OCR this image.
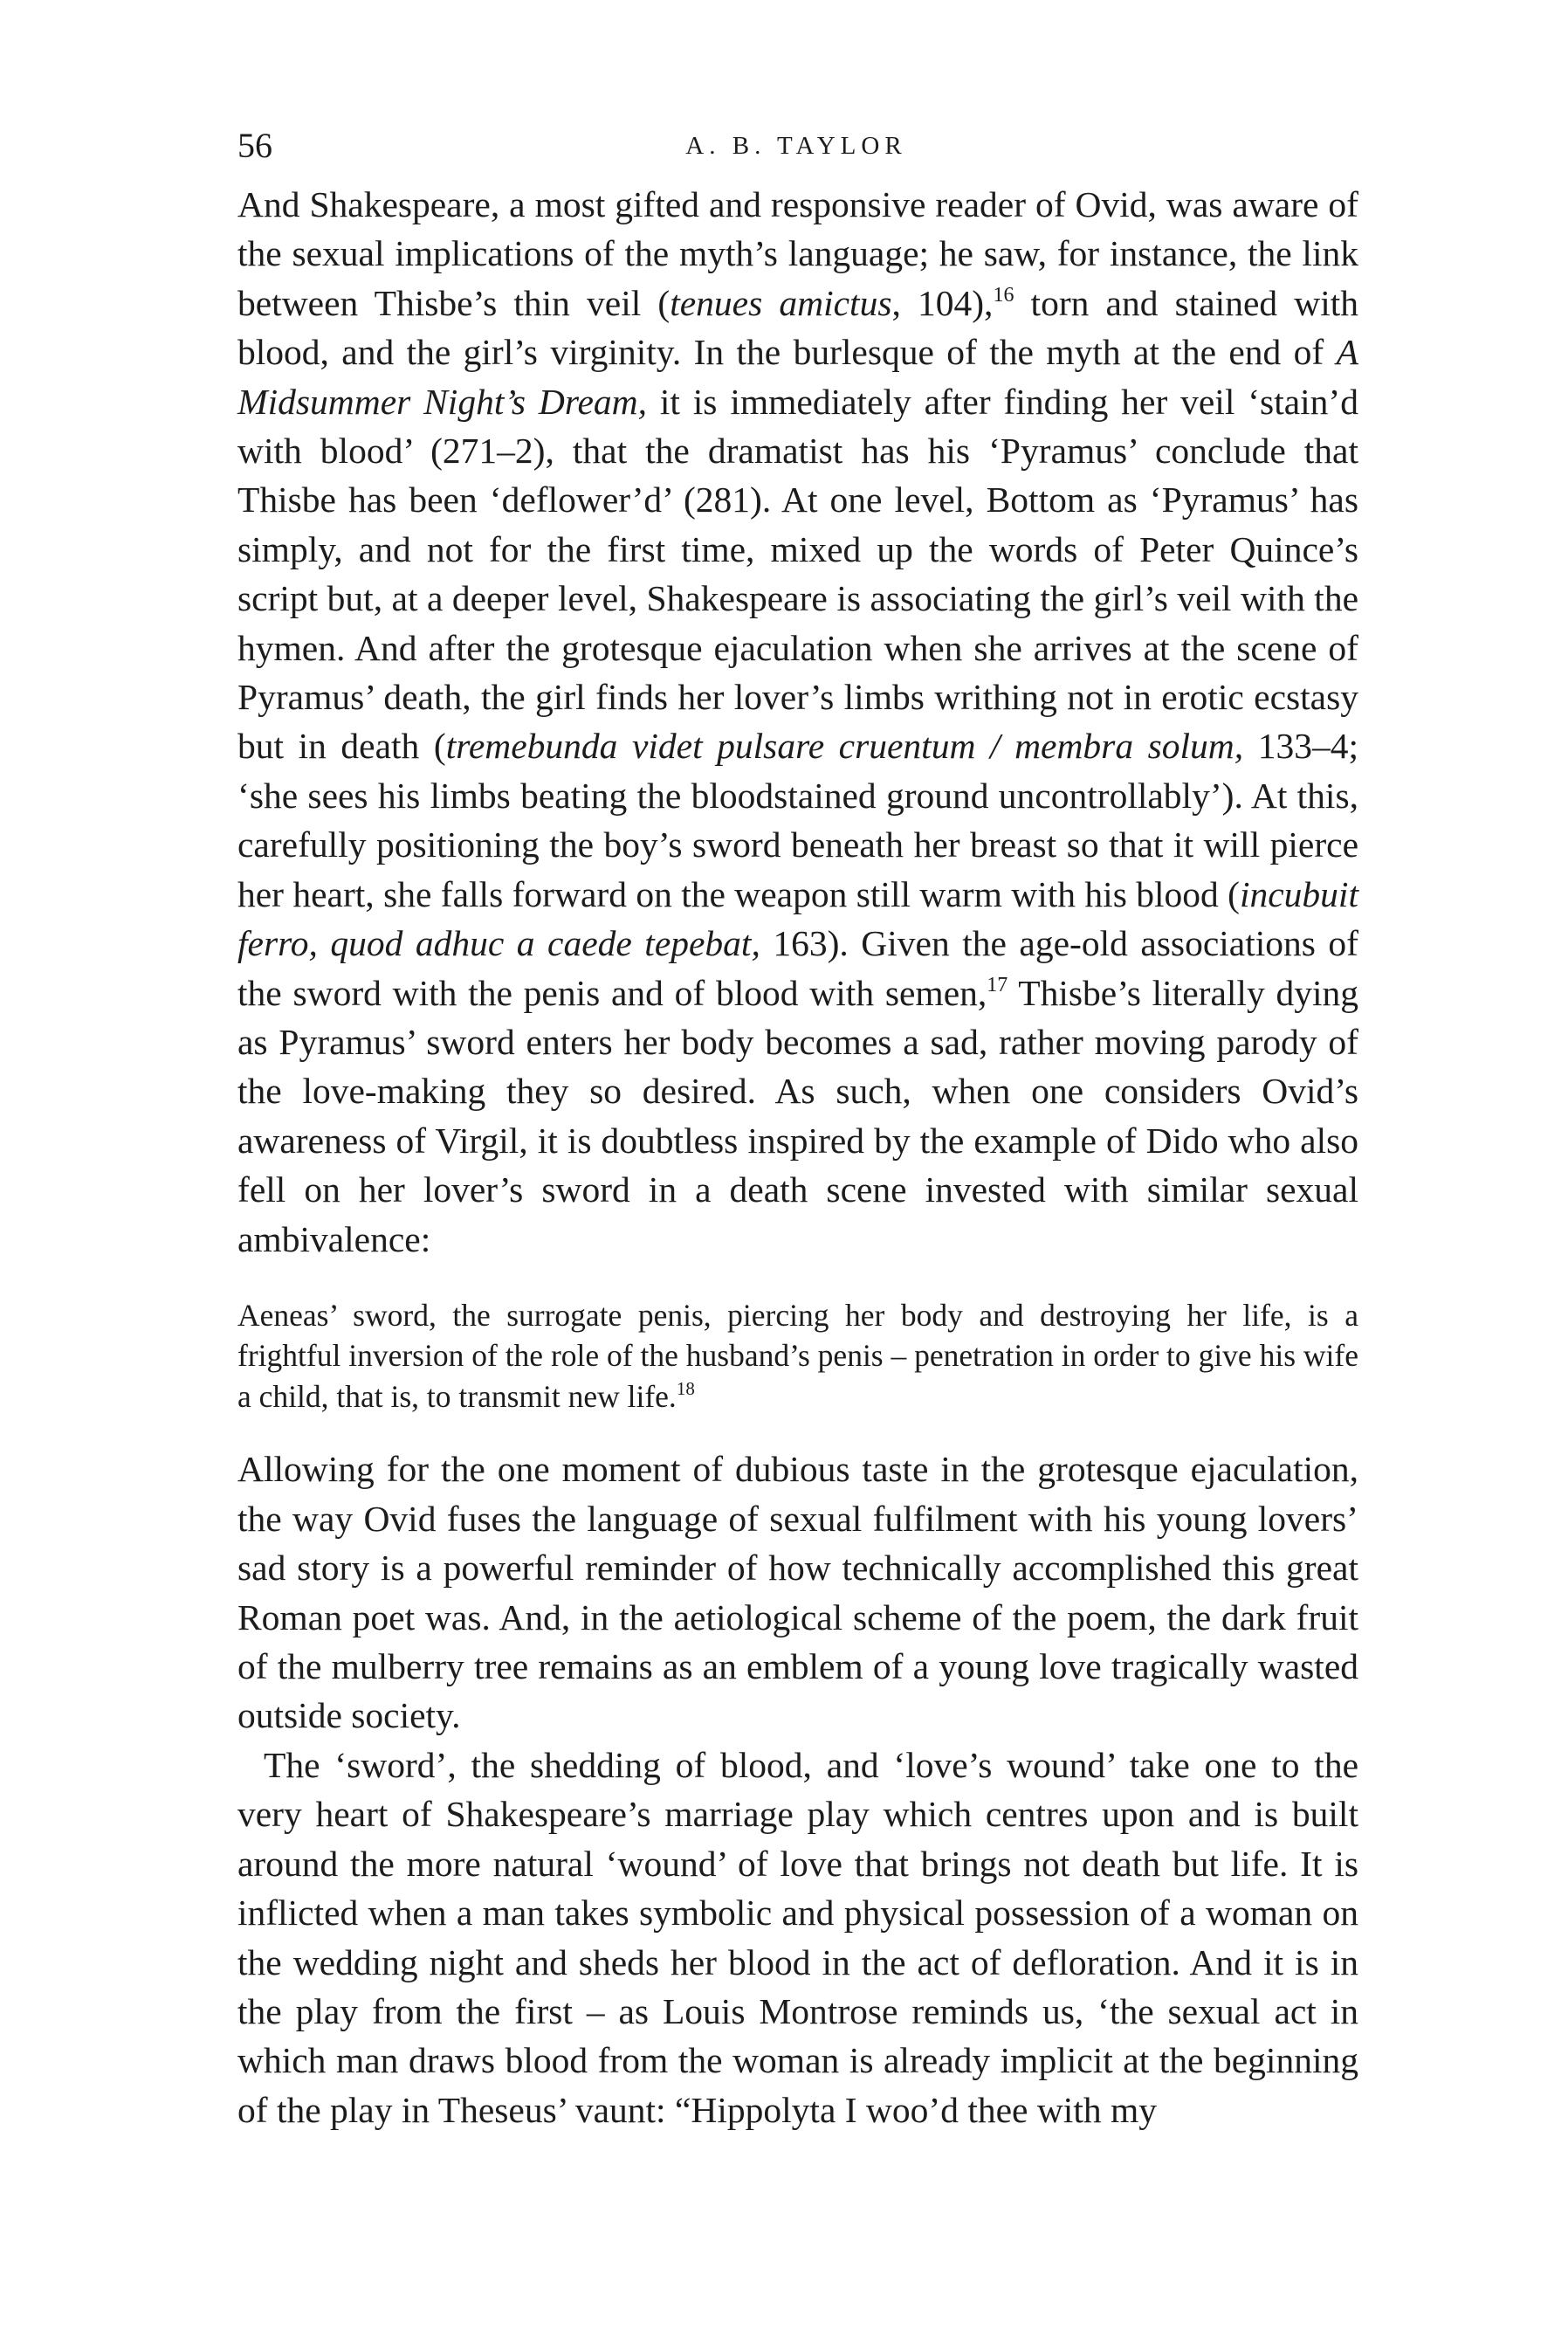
56	A. B. TAYLOR

And Shakespeare, a most gifted and responsive reader of Ovid, was aware of the sexual implications of the myth’s language; he saw, for instance, the link between Thisbe’s thin veil (tenues amictus, 104),$^{16}$ torn and stained with blood, and the girl’s virginity. In the burlesque of the myth at the end of A Midsummer Night’s Dream, it is immediately after finding her veil ‘stain’d with blood’ (271–2), that the dramatist has his ‘Pyramus’ conclude that Thisbe has been ‘deflower’d’ (281). At one level, Bottom as ‘Pyramus’ has simply, and not for the first time, mixed up the words of Peter Quince’s script but, at a deeper level, Shakespeare is associating the girl’s veil with the hymen. And after the grotesque ejaculation when she arrives at the scene of Pyramus’ death, the girl finds her lover’s limbs writhing not in erotic ecstasy but in death (tremebunda videt pulsare cruentum / membra solum, 133–4; ‘she sees his limbs beating the bloodstained ground uncontrollably’). At this, carefully positioning the boy’s sword beneath her breast so that it will pierce her heart, she falls forward on the weapon still warm with his blood (incubuit ferro, quod adhuc a caede tepebat, 163). Given the age-old associations of the sword with the penis and of blood with semen,$^{17}$ Thisbe’s literally dying as Pyramus’ sword enters her body becomes a sad, rather moving parody of the love-making they so desired. As such, when one considers Ovid’s awareness of Virgil, it is doubtless inspired by the example of Dido who also fell on her lover’s sword in a death scene invested with similar sexual ambivalence:

Aeneas’ sword, the surrogate penis, piercing her body and destroying her life, is a frightful inversion of the role of the husband’s penis – penetration in order to give his wife a child, that is, to transmit new life.$^{18}$

Allowing for the one moment of dubious taste in the grotesque ejaculation, the way Ovid fuses the language of sexual fulfilment with his young lovers’ sad story is a powerful reminder of how technically accomplished this great Roman poet was. And, in the aetiological scheme of the poem, the dark fruit of the mulberry tree remains as an emblem of a young love tragically wasted outside society.

The ‘sword’, the shedding of blood, and ‘love’s wound’ take one to the very heart of Shakespeare’s marriage play which centres upon and is built around the more natural ‘wound’ of love that brings not death but life. It is inflicted when a man takes symbolic and physical possession of a woman on the wedding night and sheds her blood in the act of defloration. And it is in the play from the first – as Louis Montrose reminds us, ‘the sexual act in which man draws blood from the woman is already implicit at the beginning of the play in Theseus’ vaunt: “Hippolyta I woo’d thee with my
